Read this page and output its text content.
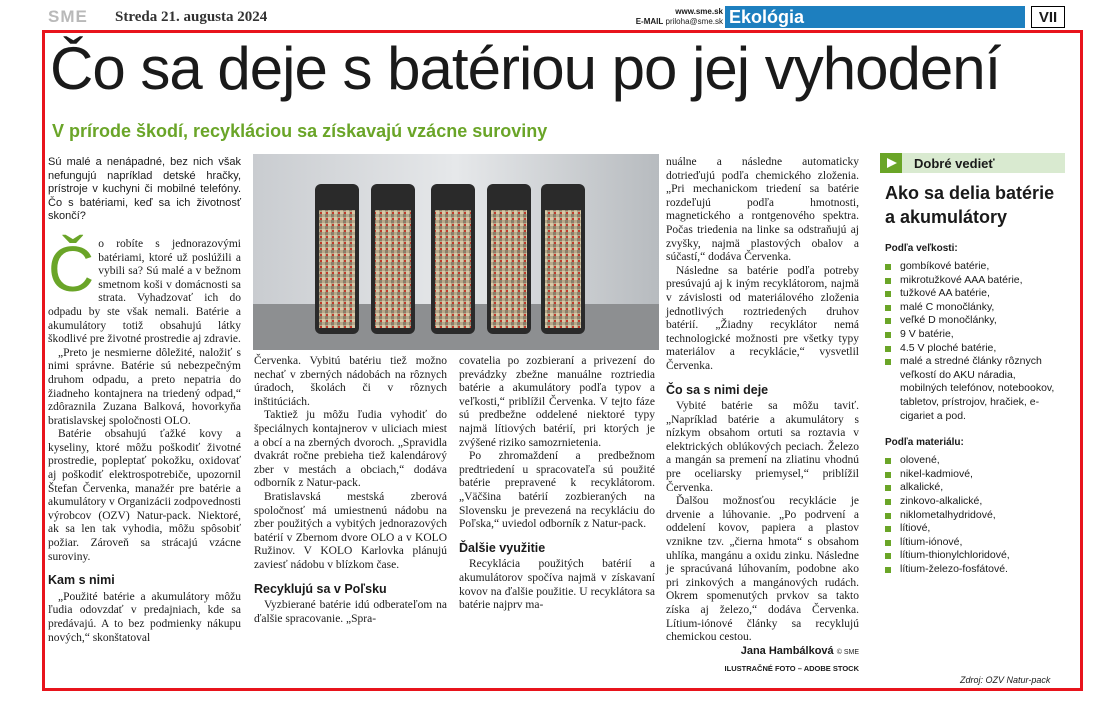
SME Streda 21. augusta 2024	www.sme.sk
E-MAIL priloha@sme.sk Ekológia	VII
Čo sa deje s batériou po jej vyhodení
V prírode škodí, recykláciou sa získavajú vzácne suroviny

Sú malé a nenápadné, bez nich však nefungujú napríklad detské hračky, prístroje v kuchyni či mobilné telefóny. Čo s batériami, keď sa ich životnosť skončí?

Čo robíte s jednorazovými batériami, ktoré už poslúžili a vybili sa? Sú malé a v bežnom smetnom koši v domácnosti sa strata. Vyhadzovať ich do odpadu by ste však nemali. Batérie a akumulátory totiž obsahujú látky škodlivé pre životné prostredie aj zdravie.

„Preto je nesmierne dôležité, naložiť s nimi správne. Batérie sú nebezpečným druhom odpadu, a preto nepatria do žiadneho kontajnera na triedený odpad,“ zdôraznila Zuzana Balková, hovorkyňa bratislavskej spoločnosti OLO.

Batérie obsahujú ťažké kovy a kyseliny, ktoré môžu poškodiť životné prostredie, popleptať pokožku, oxidovať aj poškodiť elektrospotrebiče, upozornil Štefan Červenka, manažér pre batérie a akumulátory v Organizácii zodpovednosti výrobcov (OZV) Natur-pack. Niektoré, ak sa len tak vyhodia, môžu spôsobiť požiar. Zároveň sa strácajú vzácne suroviny.

Kam s nimi

„Použité batérie a akumulátory môžu ľudia odovzdať v predajniach, kde sa predávajú. A to bez podmienky nákupu nových,“ skonštatoval

Červenka. Vybitú batériu tiež možno nechať v zberných nádobách na rôznych úradoch, školách či v rôznych inštitúciách.

Taktiež ju môžu ľudia vyhodiť do špeciálnych kontajnerov v uliciach miest a obcí a na zberných dvoroch. „Spravidla dvakrát ročne prebieha tiež kalendárový zber v mestách a obciach,“ dodáva odborník z Natur-pack.

Bratislavská mestská zberová spoločnosť má umiestnenú nádobu na zber použitých a vybitých jednorazových batérií v Zbernom dvore OLO a v KOLO Ružinov. V KOLO Karlovka plánujú zaviesť nádobu v blízkom čase.

Recyklujú sa v Poľsku

Vyzbierané batérie idú odberateľom na ďalšie spracovanie. „Spra-

covatelia po zozbieraní a privezení do prevádzky zbežne manuálne roztriedia batérie a akumulátory podľa typov a veľkosti,“ priblížil Červenka. V tejto fáze sú predbežne oddelené niektoré typy najmä lítiových batérií, pri ktorých je zvýšené riziko samozrnietenia.

Po zhromaždení a predbežnom predtriedení u spracovateľa sú použité batérie prepravené k recyklátorom. „Väčšina batérií zozbieraných na Slovensku je prevezená na recykláciu do Poľska,“ uviedol odborník z Natur-pack.

Ďalšie využitie

Recyklácia použitých batérií a akumulátorov spočíva najmä v získavaní kovov na ďalšie použitie. U recyklátora sa batérie najprv ma-

nuálne a následne automaticky dotrieďujú podľa chemického zloženia. „Pri mechanickom triedení sa batérie rozdeľujú podľa hmotnosti, magnetického a rontgenového spektra. Počas triedenia na linke sa odstraňujú aj zvyšky, najmä plastových obalov a súčastí,“ dodáva Červenka.

Následne sa batérie podľa potreby presúvajú aj k iným recyklátorom, najmä v závislosti od materiálového zloženia jednotlivých roztriedených druhov batérií. „Žiadny recyklátor nemá technologické možnosti pre všetky typy materiálov a recyklácie,“ vysvetlil Červenka.

Čo sa s nimi deje

Vybité batérie sa môžu taviť. „Napríklad batérie a akumulátory s nízkym obsahom ortuti sa roztavia v elektrických oblúkových peciach. Železo a mangán sa premení na zliatinu vhodnú pre oceliarsky priemysel,“ priblížil Červenka.

Ďalšou možnosťou recyklácie je drvenie a lúhovanie. „Po podrvení a oddelení kovov, papiera a plastov vznikne tzv. „čierna hmota“ s obsahom uhlíka, mangánu a oxidu zinku. Následne je spracúvaná lúhovaním, podobne ako pri zinkových a mangánových rudách. Okrem spomenutých prvkov sa takto získa aj železo,“ dodáva Červenka. Lítium-iónové články sa recyklujú chemickou cestou.

Jana Hambálková © SME
ILUSTRAČNÉ FOTO – ADOBE STOCK
Dobré vedieť
Ako sa delia batérie a akumulátory
Podľa veľkosti:
gombíkové batérie,
mikrotužkové AAA batérie,
tužkové AA batérie,
malé C monočlánky,
veľké D monočlánky,
9 V batérie,
4.5 V ploché batérie,
malé a stredné články rôznych veľkostí do AKU náradia, mobilných telefónov, notebookov, tabletov, prístrojov, hračiek, e-cigariet a pod.
Podľa materiálu:
olovené,
nikel-kadmiové,
alkalické,
zinkovo-alkalické,
niklometalhydridové,
lítiové,
lítium-iónové,
lítium-thionylchloridové,
lítium-železo-fosfátové.
Zdroj: OZV Natur-pack
